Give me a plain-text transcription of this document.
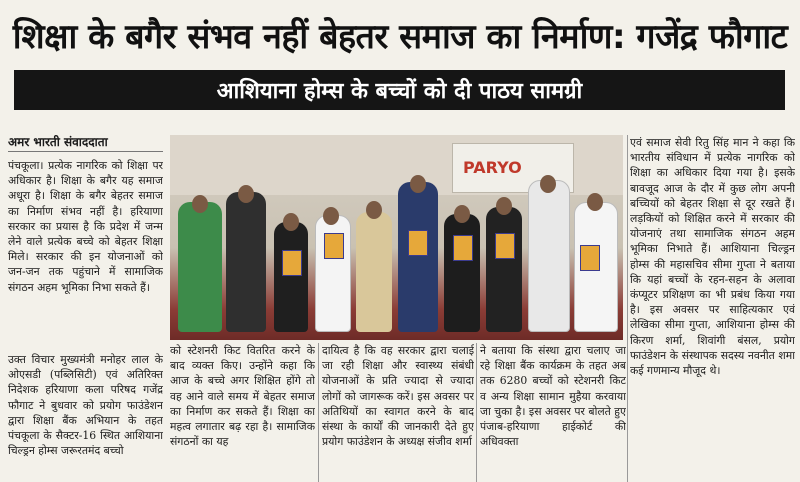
शिक्षा के बगैर संभव नहीं बेहतर समाज का निर्माण: गजेंद्र फौगाट
आशियाना होम्स के बच्चों को दी पाठय सामग्री
अमर भारती संवाददाता

पंचकूला। प्रत्येक नागरिक को शिक्षा पर अधिकार है। शिक्षा के बगैर यह समाज अधूरा है। शिक्षा के बगैर बेहतर समाज का निर्माण संभव नहीं है। हरियाणा सरकार का प्रयास है कि प्रदेश में जन्म लेने वाले प्रत्येक बच्चे को बेहतर शिक्षा मिले। सरकार की इन योजनाओं को जन-जन तक पहुंचाने में सामाजिक संगठन अहम भूमिका निभा सकते हैं।

उक्त विचार मुख्यमंत्री मनोहर लाल के ओएसडी (पब्लिसिटी) एवं अतिरिक्त निदेशक हरियाणा कला परिषद गजेंद्र फौगाट ने बुधवार को प्रयोग फाउंडेशन द्वारा शिक्षा बैंक अभियान के तहत पंचकूला के सैक्टर-16 स्थित आशियाना चिल्ड्रन होम्स जरूरतमंद बच्चो

PARYO

को स्टेशनरी किट वितरित करने के बाद व्यक्त किए। उन्होंने कहा कि आज के बच्चे अगर शिक्षित होंगे तो वह आने वाले समय में बेहतर समाज का निर्माण कर सकते हैं। शिक्षा का महत्व लगातार बढ़ रहा है। सामाजिक संगठनों का यह

दायित्व है कि वह सरकार द्वारा चलाई जा रही शिक्षा और स्वास्थ्य संबंधी योजनाओं के प्रति ज्यादा से ज्यादा लोगों को जागरूक करें। इस अवसर पर अतिथियों का स्वागत करने के बाद संस्था के कार्यों की जानकारी देते हुए प्रयोग फाउंडेशन के अध्यक्ष संजीव शर्मा

ने बताया कि संस्था द्वारा चलाए जा रहे शिक्षा बैंक कार्यक्रम के तहत अब तक 6280 बच्चों को स्टेशनरी किट व अन्य शिक्षा सामान मुहैया करवाया जा चुका है। इस अवसर पर बोलते हुए पंजाब-हरियाणा हाईकोर्ट की अधिवक्ता

एवं समाज सेवी रितु सिंह मान ने कहा कि भारतीय संविधान में प्रत्येक नागरिक को शिक्षा का अधिकार दिया गया है। इसके बावजूद आज के दौर में कुछ लोग अपनी बच्चियों को बेहतर शिक्षा से दूर रखते हैं। लड़कियों को शिक्षित करने में सरकार की योजनाएं तथा सामाजिक संगठन अहम भूमिका निभाते हैं। आशियाना चिल्ड्रन होम्स की महासचिव सीमा गुप्ता ने बताया कि यहां बच्चों के रहन-सहन के अलावा कंप्यूटर प्रशिक्षण का भी प्रबंध किया गया है। इस अवसर पर साहित्यकार एवं लेखिका सीमा गुप्ता, आशियाना होम्स की किरण शर्मा, शिवांगी बंसल, प्रयोग फाउंडेशन के संस्थापक सदस्य नवनीत शमा कई गणमान्य मौजूद थे।
